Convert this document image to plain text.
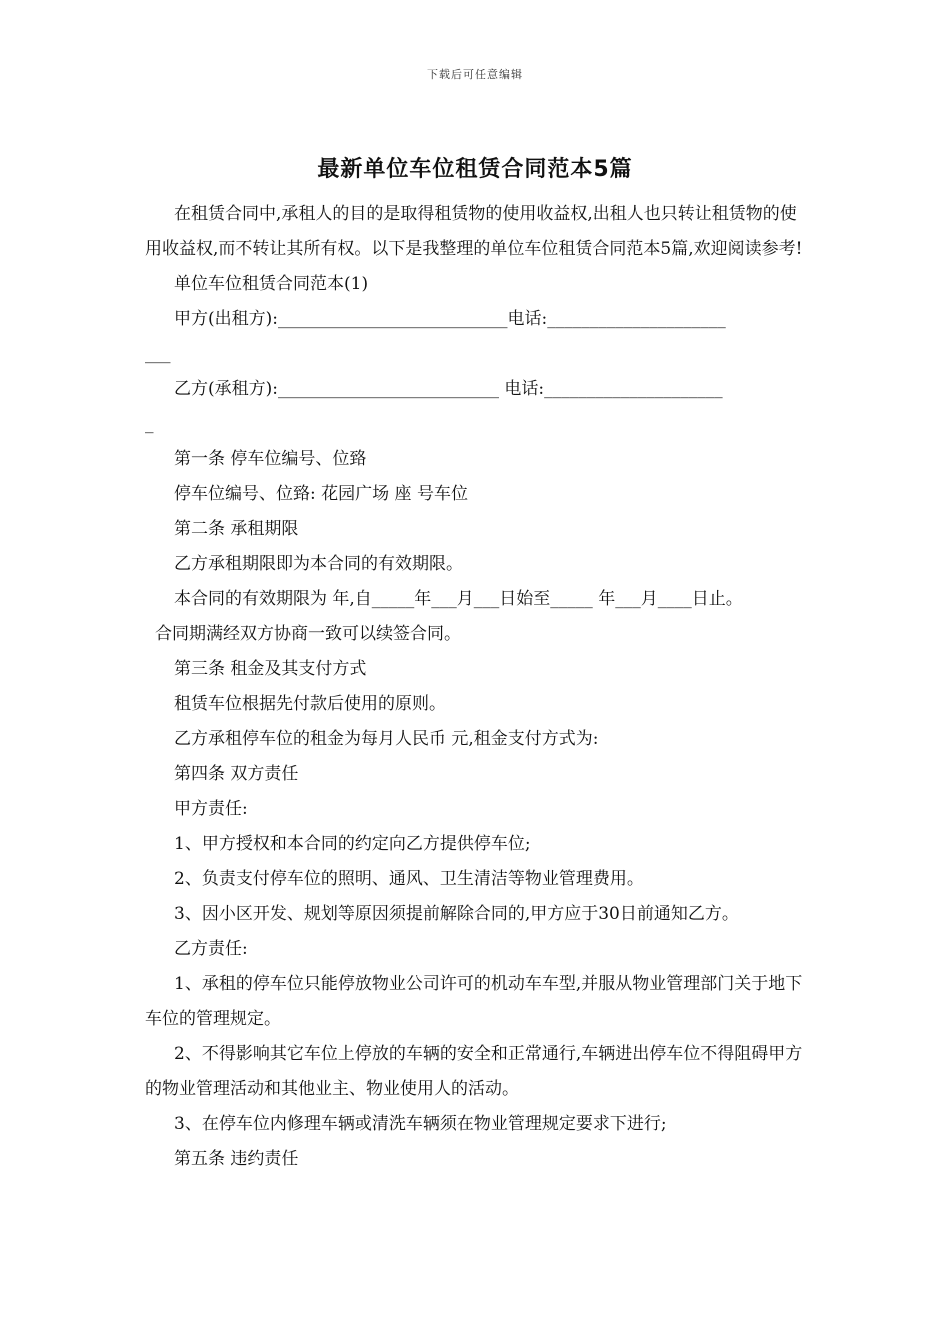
下载后可任意编辑
最新单位车位租赁合同范本5篇

在租赁合同中,承租人的目的是取得租赁物的使用收益权,出租人也只转让租赁物的使用收益权,而不转让其所有权。以下是我整理的单位车位租赁合同范本5篇,欢迎阅读参考!

单位车位租赁合同范本(1)

甲方(出租方):___________________________电话:_____________________

___

乙方(承租方):__________________________ 电话:_____________________

_

第一条 停车位编号、位臵

停车位编号、位臵: 花园广场 座 号车位

第二条 承租期限

乙方承租期限即为本合同的有效期限。

本合同的有效期限为 年,自_____年___月___日始至_____ 年___月____日止。

合同期满经双方协商一致可以续签合同。

第三条 租金及其支付方式

租赁车位根据先付款后使用的原则。

乙方承租停车位的租金为每月人民币 元,租金支付方式为:

第四条 双方责任

甲方责任:

1、甲方授权和本合同的约定向乙方提供停车位;

2、负责支付停车位的照明、通风、卫生清洁等物业管理费用。

3、因小区开发、规划等原因须提前解除合同的,甲方应于30日前通知乙方。

乙方责任:

1、承租的停车位只能停放物业公司许可的机动车车型,并服从物业管理部门关于地下车位的管理规定。

2、不得影响其它车位上停放的车辆的安全和正常通行,车辆进出停车位不得阻碍甲方的物业管理活动和其他业主、物业使用人的活动。

3、在停车位内修理车辆或清洗车辆须在物业管理规定要求下进行;

第五条 违约责任
